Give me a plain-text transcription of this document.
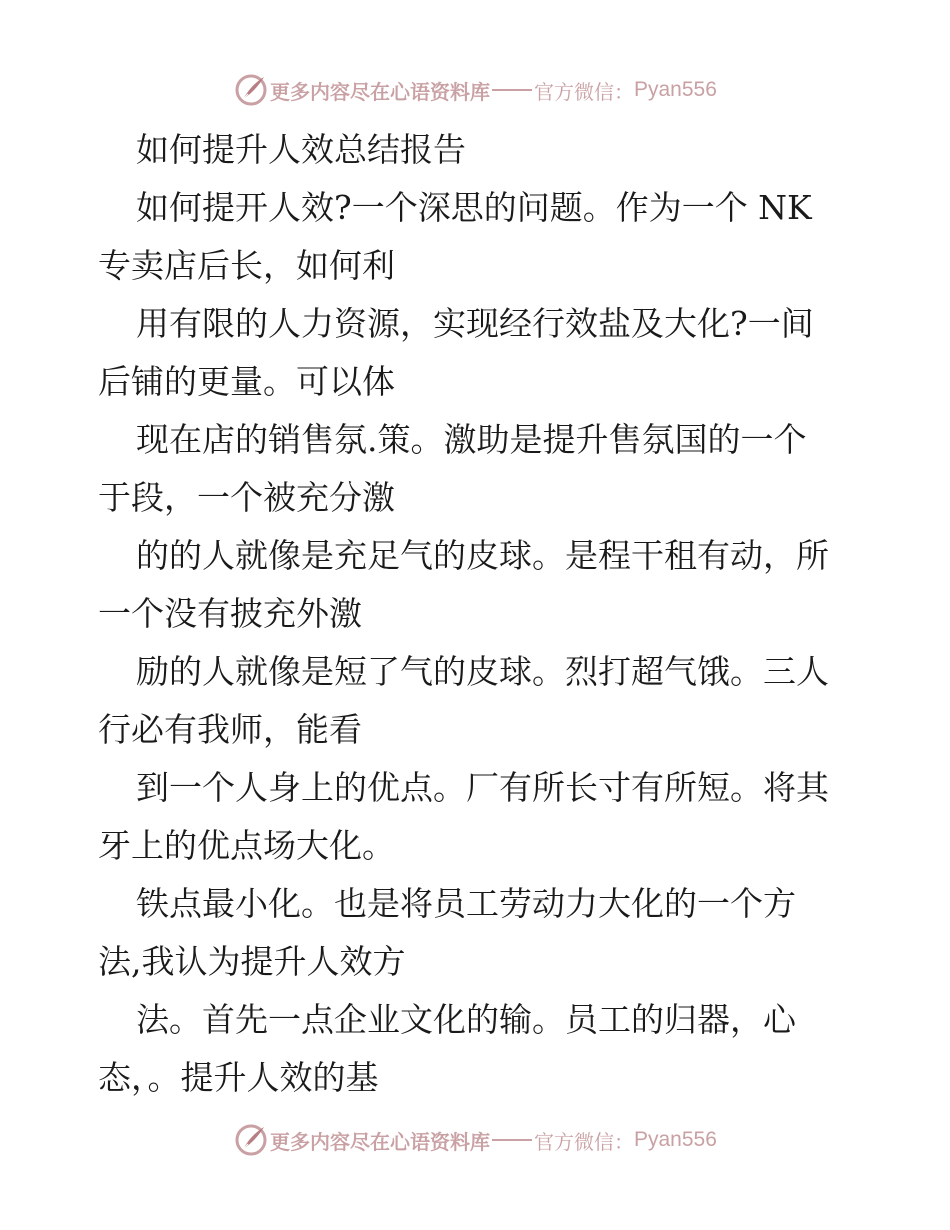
更多内容尽在心语资料库 官方微信： Pyan556

如何提升人效总结报告

如何提开人效?一个深思的问题。作为一个 NK

专卖店后长，如何利

用有限的人力资源，实现经行效盐及大化?一间

后铺的更量。可以体

现在店的销售氛.策。激助是提升售氛国的一个

于段，一个被充分激

的的人就像是充足气的皮球。是程干租有动，所

一个没有披充外激

励的人就像是短了气的皮球。烈打超气饿。三人

行必有我师，能看

到一个人身上的优点。厂有所长寸有所短。将其

牙上的优点场大化。

铁点最小化。也是将员工劳动力大化的一个方

法,我认为提升人效方

法。首先一点企业文化的输。员工的归器，心

态，。提升人效的基

更多内容尽在心语资料库 官方微信： Pyan556
